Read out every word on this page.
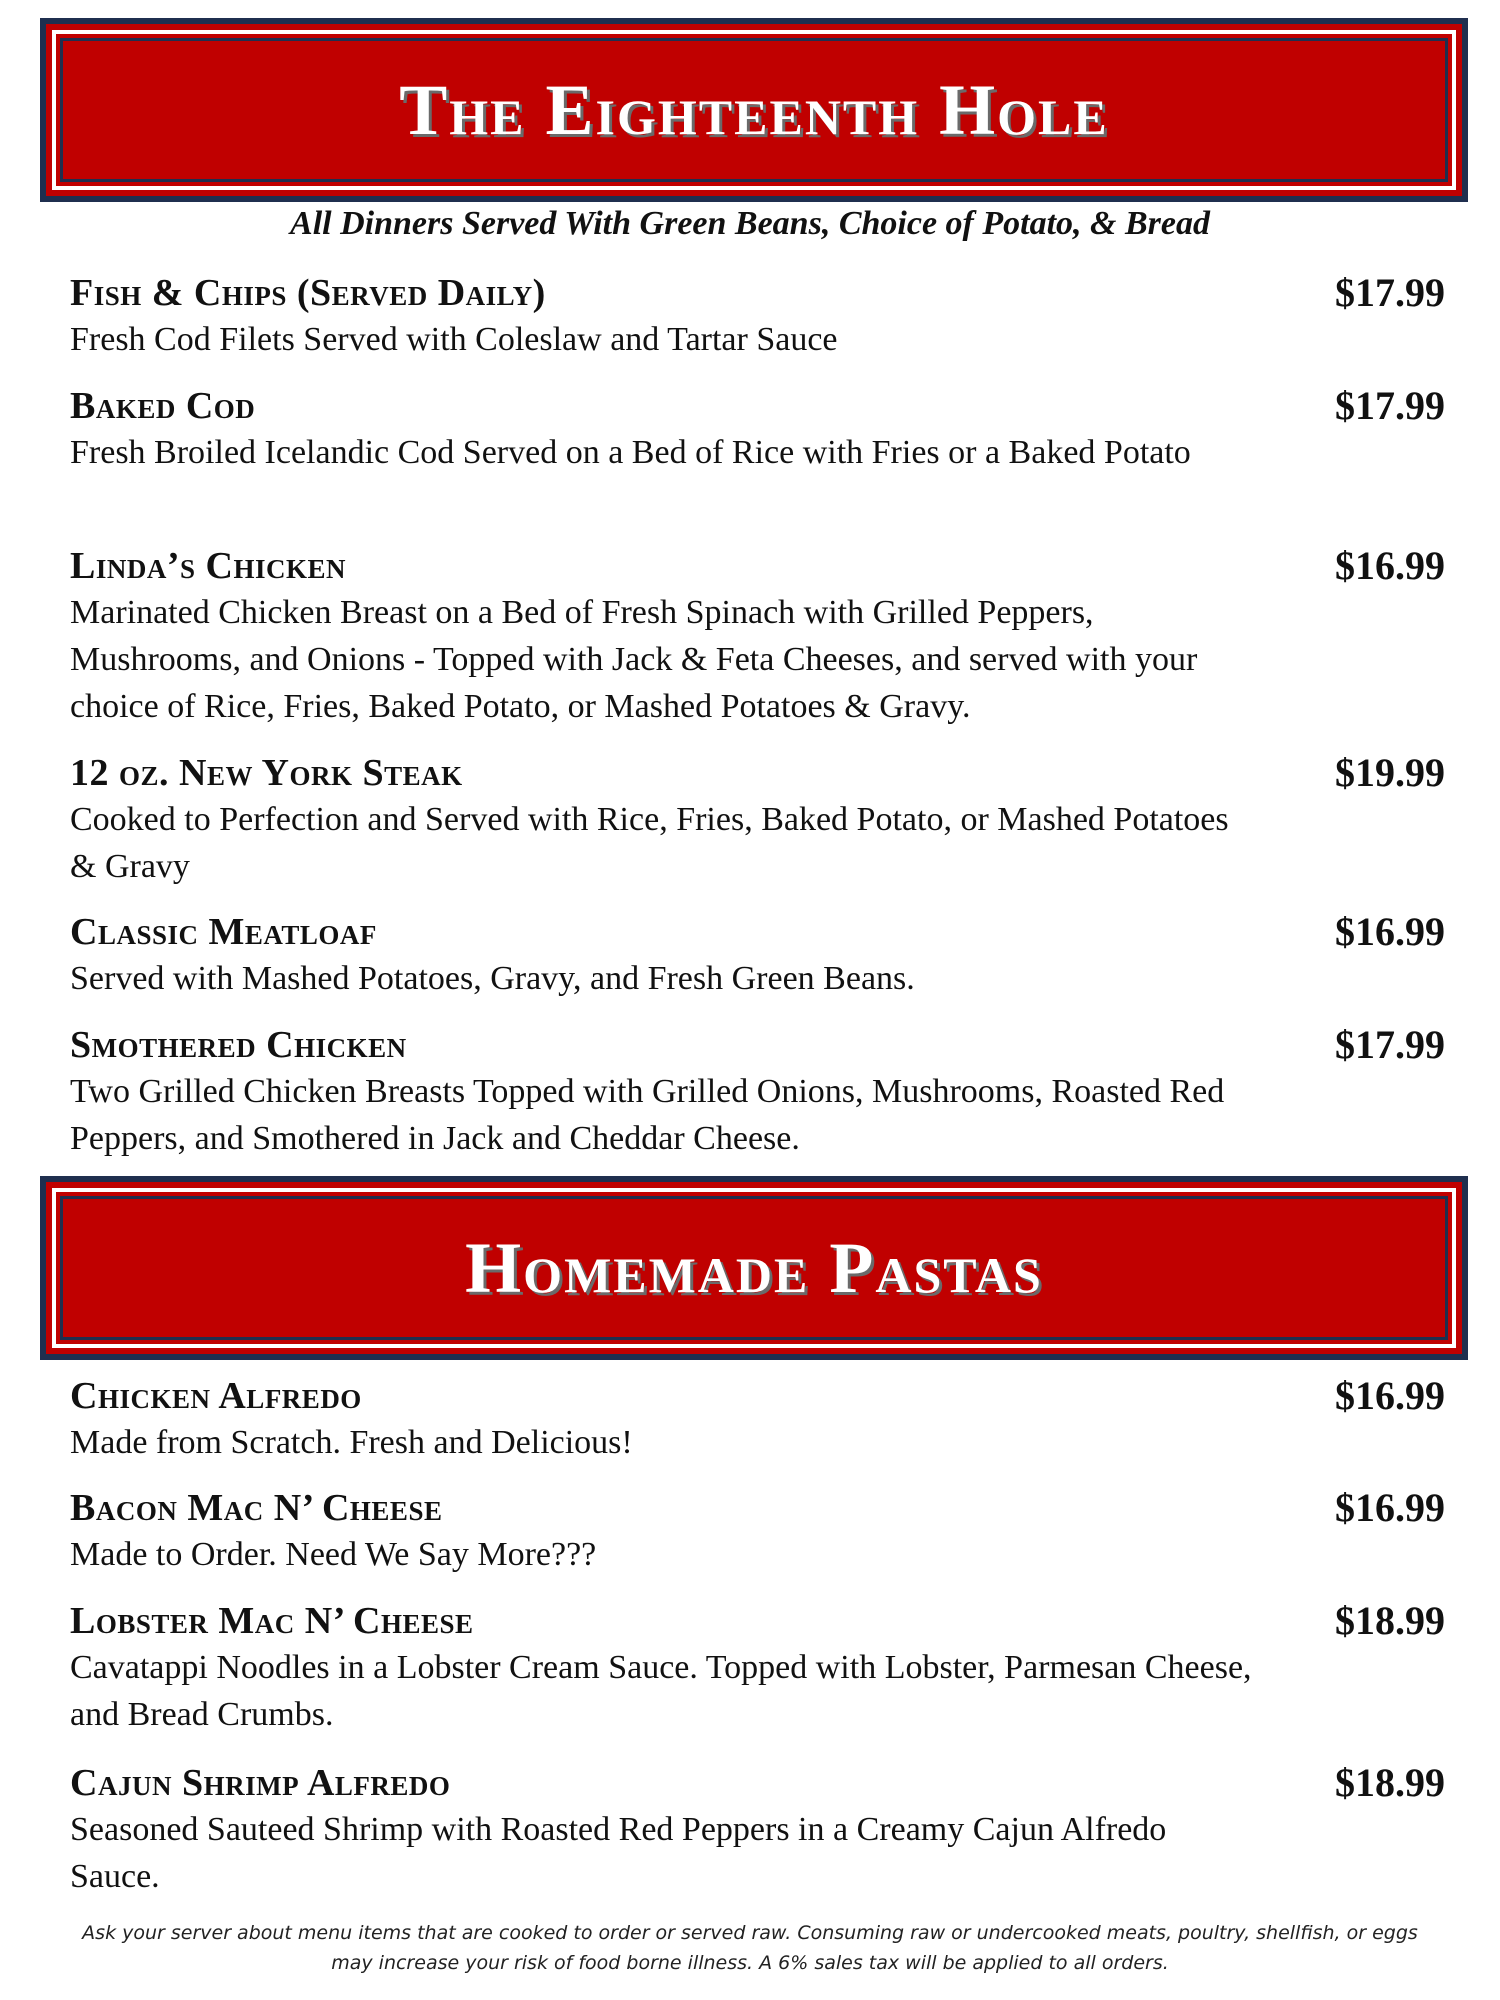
The Eighteenth Hole
All Dinners Served With Green Beans, Choice of Potato, & Bread
Fish & Chips (Served Daily)	$17.99
Fresh Cod Filets Served with Coleslaw and Tartar Sauce
Baked Cod	$17.99
Fresh Broiled Icelandic Cod Served on a Bed of Rice with Fries or a Baked Potato
Linda’s Chicken	$16.99
Marinated Chicken Breast on a Bed of Fresh Spinach with Grilled Peppers, Mushrooms, and Onions - Topped with Jack & Feta Cheeses, and served with your choice of Rice, Fries, Baked Potato, or Mashed Potatoes & Gravy.
12 oz. New York Steak	$19.99
Cooked to Perfection and Served with Rice, Fries, Baked Potato, or Mashed Potatoes & Gravy
Classic Meatloaf	$16.99
Served with Mashed Potatoes, Gravy, and Fresh Green Beans.
Smothered Chicken	$17.99
Two Grilled Chicken Breasts Topped with Grilled Onions, Mushrooms, Roasted Red Peppers, and Smothered in Jack and Cheddar Cheese.
Homemade Pastas
Chicken Alfredo	$16.99
Made from Scratch. Fresh and Delicious!
Bacon Mac N’ Cheese	$16.99
Made to Order. Need We Say More???
Lobster Mac N’ Cheese	$18.99
Cavatappi Noodles in a Lobster Cream Sauce. Topped with Lobster, Parmesan Cheese, and Bread Crumbs.
Cajun Shrimp Alfredo	$18.99
Seasoned Sauteed Shrimp with Roasted Red Peppers in a Creamy Cajun Alfredo Sauce.
Ask your server about menu items that are cooked to order or served raw. Consuming raw or undercooked meats, poultry, shellfish, or eggs may increase your risk of food borne illness. A 6% sales tax will be applied to all orders.
